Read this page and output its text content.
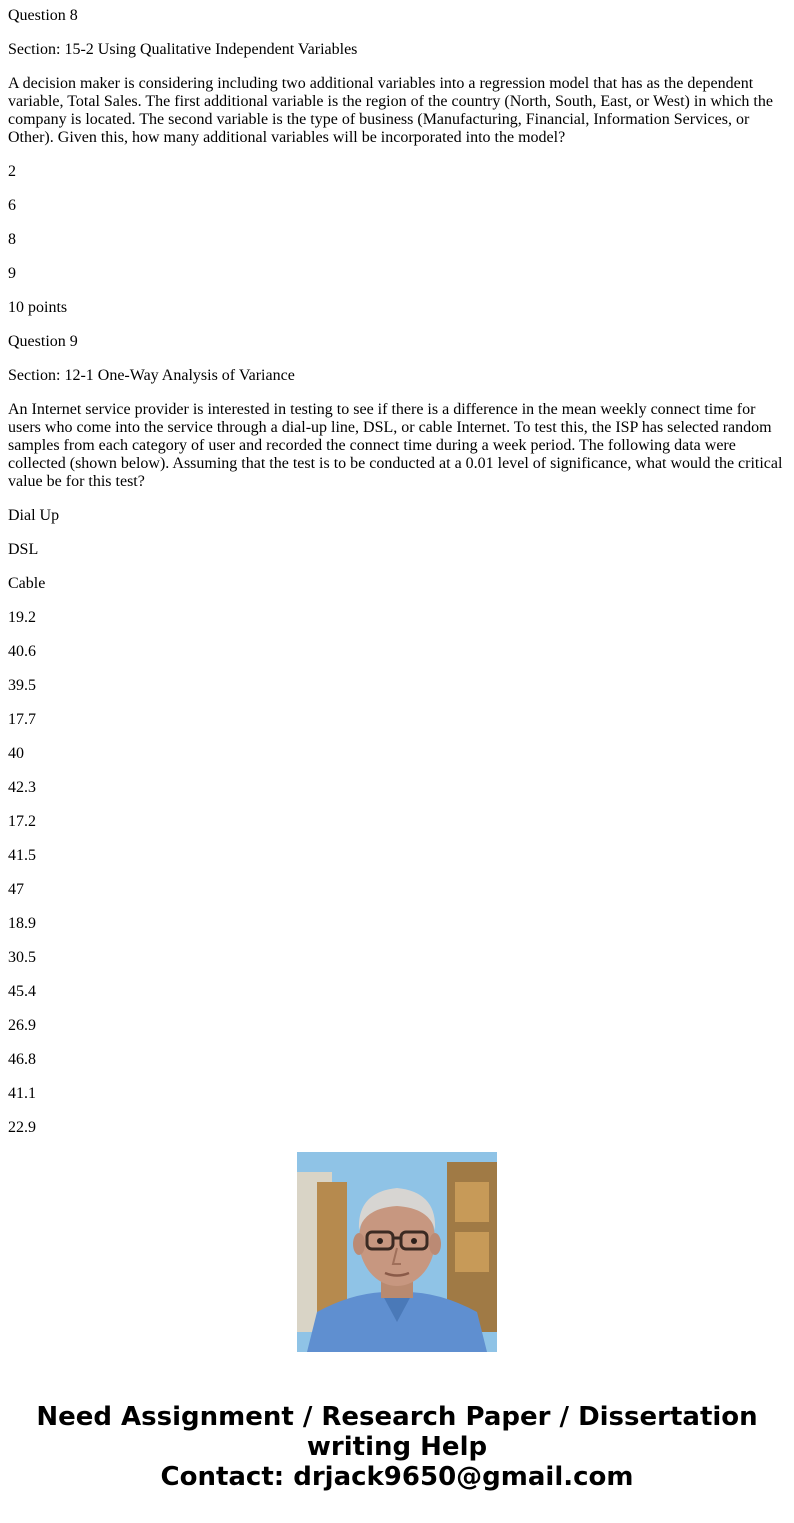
Question 8

Section: 15-2 Using Qualitative Independent Variables

A decision maker is considering including two additional variables into a regression model that has as the dependent variable, Total Sales. The first additional variable is the region of the country (North, South, East, or West) in which the company is located. The second variable is the type of business (Manufacturing, Financial, Information Services, or Other). Given this, how many additional variables will be incorporated into the model?

2

6

8

9

10 points

Question 9

Section: 12-1 One-Way Analysis of Variance

An Internet service provider is interested in testing to see if there is a difference in the mean weekly connect time for users who come into the service through a dial-up line, DSL, or cable Internet. To test this, the ISP has selected random samples from each category of user and recorded the connect time during a week period. The following data were collected (shown below). Assuming that the test is to be conducted at a 0.01 level of significance, what would the critical value be for this test?

Dial Up

DSL

Cable

19.2

40.6

39.5

17.7

40

42.3

17.2

41.5

47

18.9

30.5

45.4

26.9

46.8

41.1

22.9

Need Assignment / Research Paper / Dissertation
writing Help
Contact: drjack9650@gmail.com
